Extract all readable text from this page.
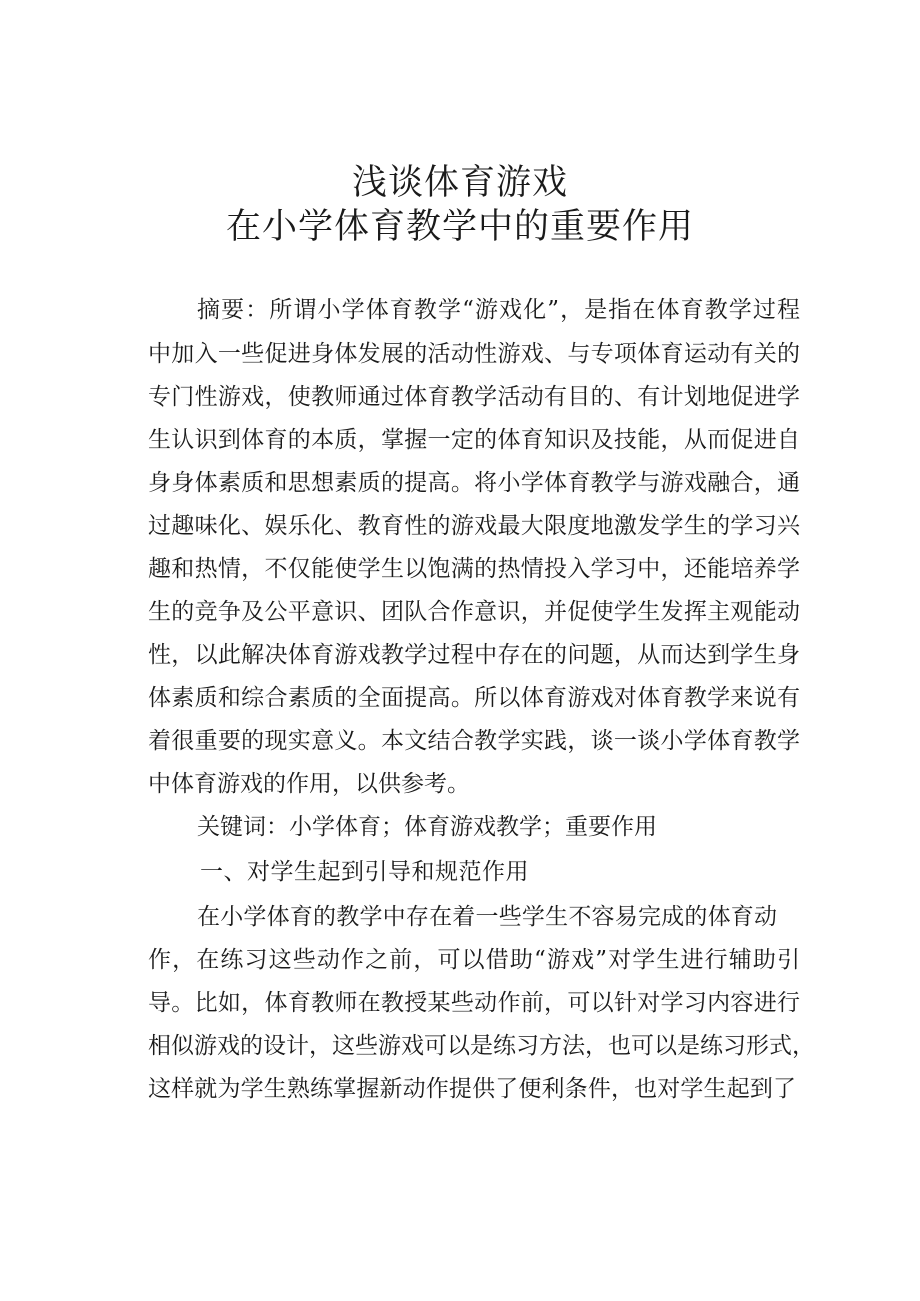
浅谈体育游戏
在小学体育教学中的重要作用
摘要：所谓小学体育教学“游戏化”，是指在体育教学过程
中加入一些促进身体发展的活动性游戏、与专项体育运动有关的
专门性游戏，使教师通过体育教学活动有目的、有计划地促进学
生认识到体育的本质，掌握一定的体育知识及技能，从而促进自
身身体素质和思想素质的提高。将小学体育教学与游戏融合，通
过趣味化、娱乐化、教育性的游戏最大限度地激发学生的学习兴
趣和热情，不仅能使学生以饱满的热情投入学习中，还能培养学
生的竞争及公平意识、团队合作意识，并促使学生发挥主观能动
性，以此解决体育游戏教学过程中存在的问题，从而达到学生身
体素质和综合素质的全面提高。所以体育游戏对体育教学来说有
着很重要的现实意义。本文结合教学实践，谈一谈小学体育教学
中体育游戏的作用，以供参考。
关键词：小学体育；体育游戏教学；重要作用
一、对学生起到引导和规范作用
在小学体育的教学中存在着一些学生不容易完成的体育动
作，在练习这些动作之前，可以借助“游戏”对学生进行辅助引
导。比如，体育教师在教授某些动作前，可以针对学习内容进行
相似游戏的设计，这些游戏可以是练习方法，也可以是练习形式，
这样就为学生熟练掌握新动作提供了便利条件，也对学生起到了
